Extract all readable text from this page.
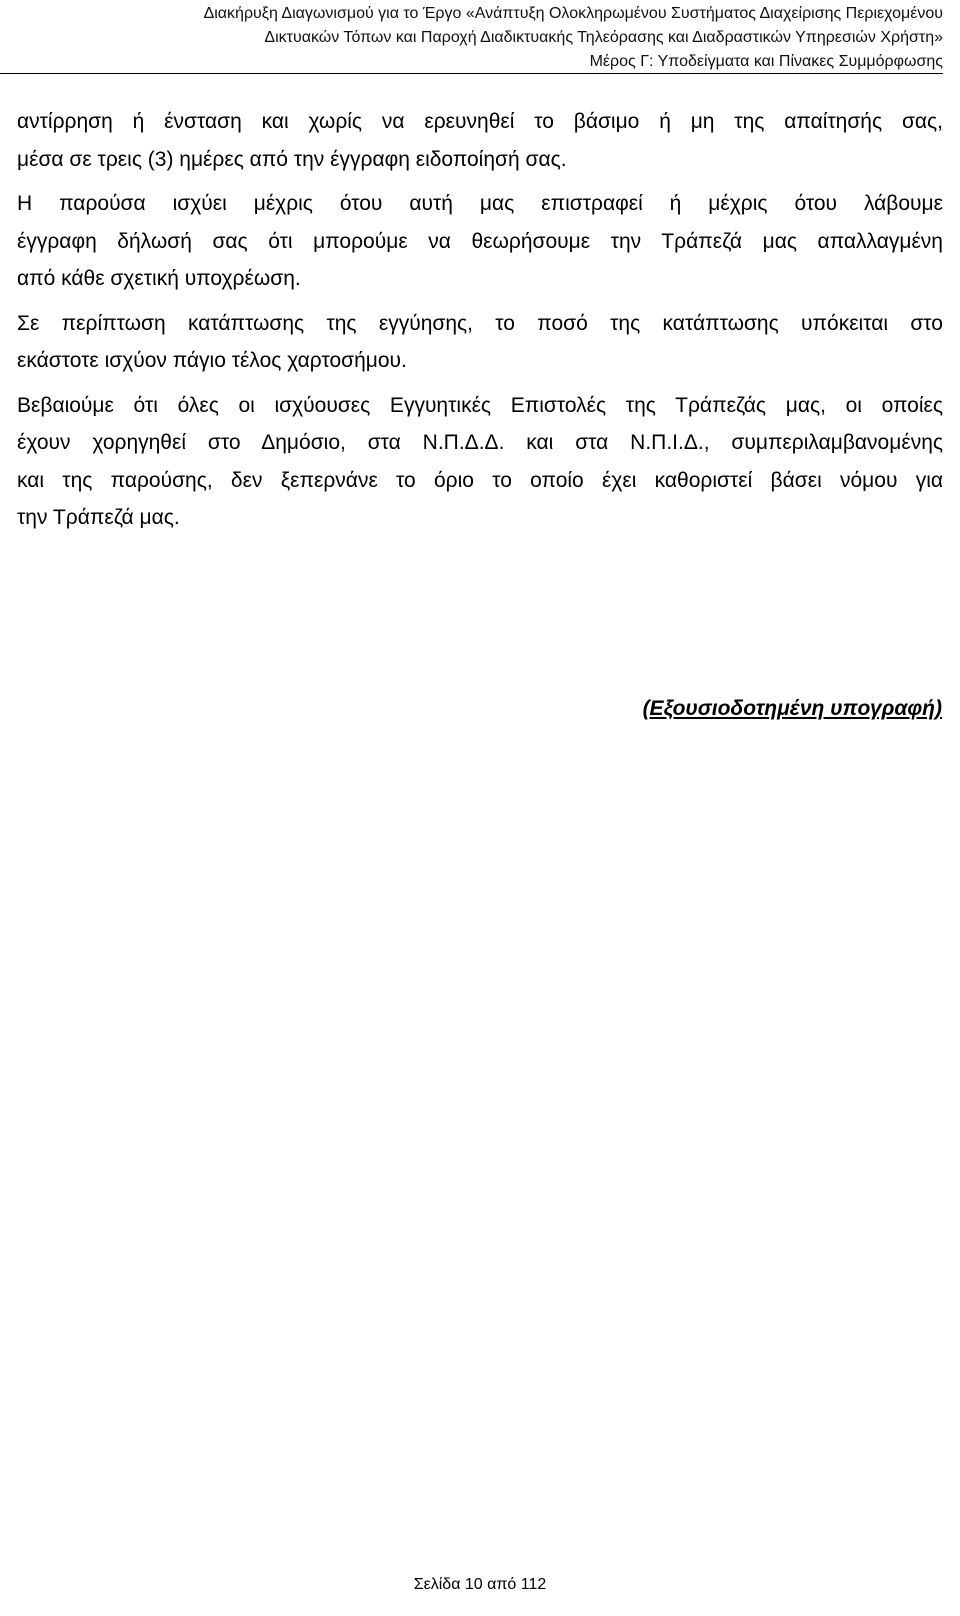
Διακήρυξη Διαγωνισμού για το Έργο «Ανάπτυξη Ολοκληρωμένου Συστήματος Διαχείρισης Περιεχομένου
Δικτυακών Τόπων και Παροχή Διαδικτυακής Τηλεόρασης και Διαδραστικών Υπηρεσιών Χρήστη»
Μέρος Γ: Υποδείγματα και Πίνακες Συμμόρφωσης

αντίρρηση ή ένσταση και χωρίς να ερευνηθεί το βάσιμο ή μη της απαίτησής σας,
μέσα σε τρεις (3) ημέρες από την έγγραφη ειδοποίησή σας.

Η παρούσα ισχύει μέχρις ότου αυτή μας επιστραφεί ή μέχρις ότου λάβουμε
έγγραφη δήλωσή σας ότι μπορούμε να θεωρήσουμε την Τράπεζά μας απαλλαγμένη
από κάθε σχετική υποχρέωση.

Σε περίπτωση κατάπτωσης της εγγύησης, το ποσό της κατάπτωσης υπόκειται στο
εκάστοτε ισχύον πάγιο τέλος χαρτοσήμου.

Βεβαιούμε ότι όλες οι ισχύουσες Εγγυητικές Επιστολές της Τράπεζάς μας, οι οποίες
έχουν χορηγηθεί στο Δημόσιο, στα Ν.Π.Δ.Δ. και στα Ν.Π.Ι.Δ., συμπεριλαμβανομένης
και της παρούσης, δεν ξεπερνάνε το όριο το οποίο έχει καθοριστεί βάσει νόμου για
την Τράπεζά μας.

(Εξουσιοδοτημένη υπογραφή)
Σελίδα 10 από 112
